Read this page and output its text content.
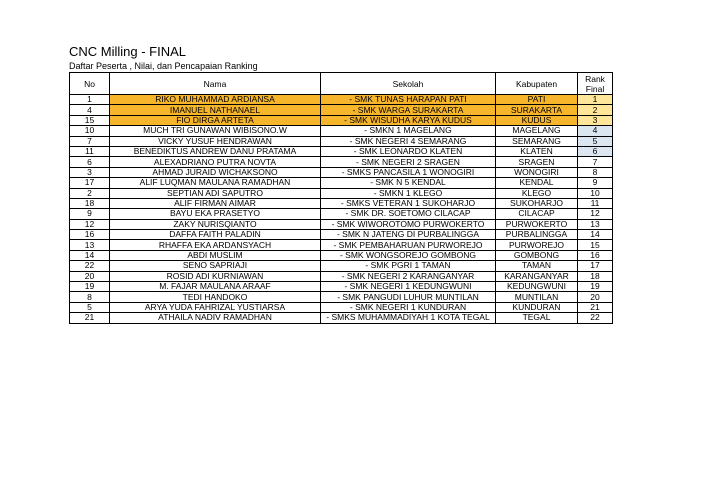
CNC Milling - FINAL
Daftar Peserta , Nilai, dan Pencapaian Ranking
No	Nama	Sekolah	Kabupaten	Rank
Final
1	RIKO MUHAMMAD ARDIANSA	- SMK TUNAS HARAPAN PATI	PATI	1
4	IMANUEL NATHANAEL	- SMK WARGA SURAKARTA	SURAKARTA	2
15	FIO DIRGA ARTETA	- SMK WISUDHA KARYA KUDUS	KUDUS	3
10	MUCH TRI GUNAWAN WIBISONO.W	- SMKN 1 MAGELANG	MAGELANG	4
7	VICKY YUSUF HENDRAWAN	- SMK NEGERI 4 SEMARANG	SEMARANG	5
11	BENEDIKTUS ANDREW DANU PRATAMA	- SMK LEONARDO KLATEN	KLATEN	6
6	ALEXADRIANO PUTRA NOVTA	- SMK NEGERI 2 SRAGEN	SRAGEN	7
3	AHMAD JURAID WICHAKSONO	- SMKS PANCASILA 1 WONOGIRI	WONOGIRI	8
17	ALIF LUQMAN MAULANA RAMADHAN	- SMK N 5 KENDAL	KENDAL	9
2	SEPTIAN ADI SAPUTRO	- SMKN 1 KLEGO	KLEGO	10
18	ALIF FIRMAN AIMAR	- SMKS VETERAN 1 SUKOHARJO	SUKOHARJO	11
9	BAYU EKA PRASETYO	- SMK DR. SOETOMO CILACAP	CILACAP	12
12	ZAKY NURISQIANTO	- SMK WIWOROTOMO PURWOKERTO	PURWOKERTO	13
16	DAFFA FAITH PALADIN	- SMK N JATENG DI PURBALINGGA	PURBALINGGA	14
13	RHAFFA EKA ARDANSYACH	- SMK PEMBAHARUAN PURWOREJO	PURWOREJO	15
14	ABDI MUSLIM	- SMK WONGSOREJO GOMBONG	GOMBONG	16
22	SENO SAPRIAJI	- SMK PGRI 1 TAMAN	TAMAN	17
20	ROSID ADI KURNIAWAN	- SMK NEGERI 2 KARANGANYAR	KARANGANYAR	18
19	M. FAJAR MAULANA ARAAF	- SMK NEGERI 1 KEDUNGWUNI	KEDUNGWUNI	19
8	TEDI HANDOKO	- SMK PANGUDI LUHUR MUNTILAN	MUNTILAN	20
5	ARYA YUDA FAHRIZAL YUSTIARSA	- SMK NEGERI 1 KUNDURAN	KUNDURAN	21
21	ATHAILA NADIV RAMADHAN	- SMKS MUHAMMADIYAH 1 KOTA TEGAL	TEGAL	22
